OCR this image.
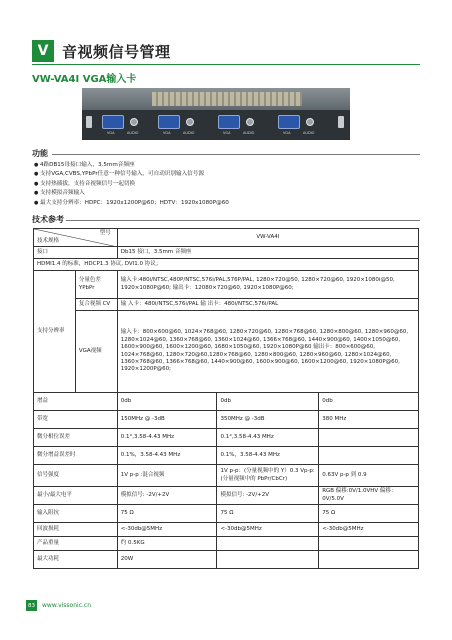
V 音视频信号管理
VW-VA4I VGA输入卡
VGA	AUDIO	VGA	AUDIO	VGA	AUDIO	VGA	AUDIO
功能
● 4路DB15母接口输入，3.5mm音频座
● 支持VGA,CVBS,YPbPr任意一种信号输入，可自动识别输入信号源
● 支持热插拔，支持音视频信号一起切换
● 支持模拟音频输入
● 最大支持分辨率：HDPC：1920x1200P@60；HDTV：1920x1080P@60
技术参考
型号
技术规格		VW-VA4I		
接口		Db15 接口，3.5mm 音频座		
HDMI1.4 的标准，HDCP1.3 协议, DVI1.0 协议；				
支持分辨率	分量色差 YPbPr	输入卡:480i/NTSC,480P/NTSC,576i/PAL,576P/PAL, 1280×720@50, 1280×720@60, 1920×1080i@50, 1920×1080P@60; 输出卡：12080×720@60, 1920×1080P@60;		
	复合视频 CV	输 入卡：480i/NTSC,576i/PAL 输 出卡：480i/NTSC,576i/PAL		
	VGA视频	输入卡：800×600@60, 1024×768@60, 1280×720@60, 1280×768@60, 1280×800@60, 1280×960@60, 1280×1024@60, 1360×768@60, 1360×1024@60, 1366×768@60, 1440×900@60, 1400×1050@60, 1600×900@60, 1600×1200@60, 1680×1050@60, 1920×1080P@60 输出卡：800×600@60, 1024×768@60, 1280×720@60,1280×768@60, 1280×800@60, 1280×960@60, 1280×1024@60, 1360×768@60, 1366×768@60, 1440×900@60, 1600×900@60, 1600×1200@60, 1920×1080P@60, 1920×1200P@60;		
增益		0db	0db	0db
带宽		150MHz @ -3dB	350MHz @ -3dB	380 MHz
微分相位误差		0.1°,3.58-4.43 MHz	0.1°,3.58-4.43 MHz	
微分增益误差时		0.1%，3.58-4.43 MHz	0.1%，3.58-4.43 MHz	
信号强度		1V p-p :混合视频	1V p-p：(分量视频中的 Y）0.3 Vp-p: (分量视频中的 PbPr/CbCr)	0.63V p-p 到 0.9
最小/最大电平		模拟信号: -2V/+2V	模拟信号: -2V/+2V	RGB 偏移:0V/1.0VHV 偏移：0V/5.0V
输入阻抗		75 Ω	75 Ω	75 Ω
回波损耗		<-30db@5MHz	<-30db@5MHz	<-30db@5MHz
产品重量		约 0.5KG		
最大功耗		20W		
83	www.vissonic.cn
